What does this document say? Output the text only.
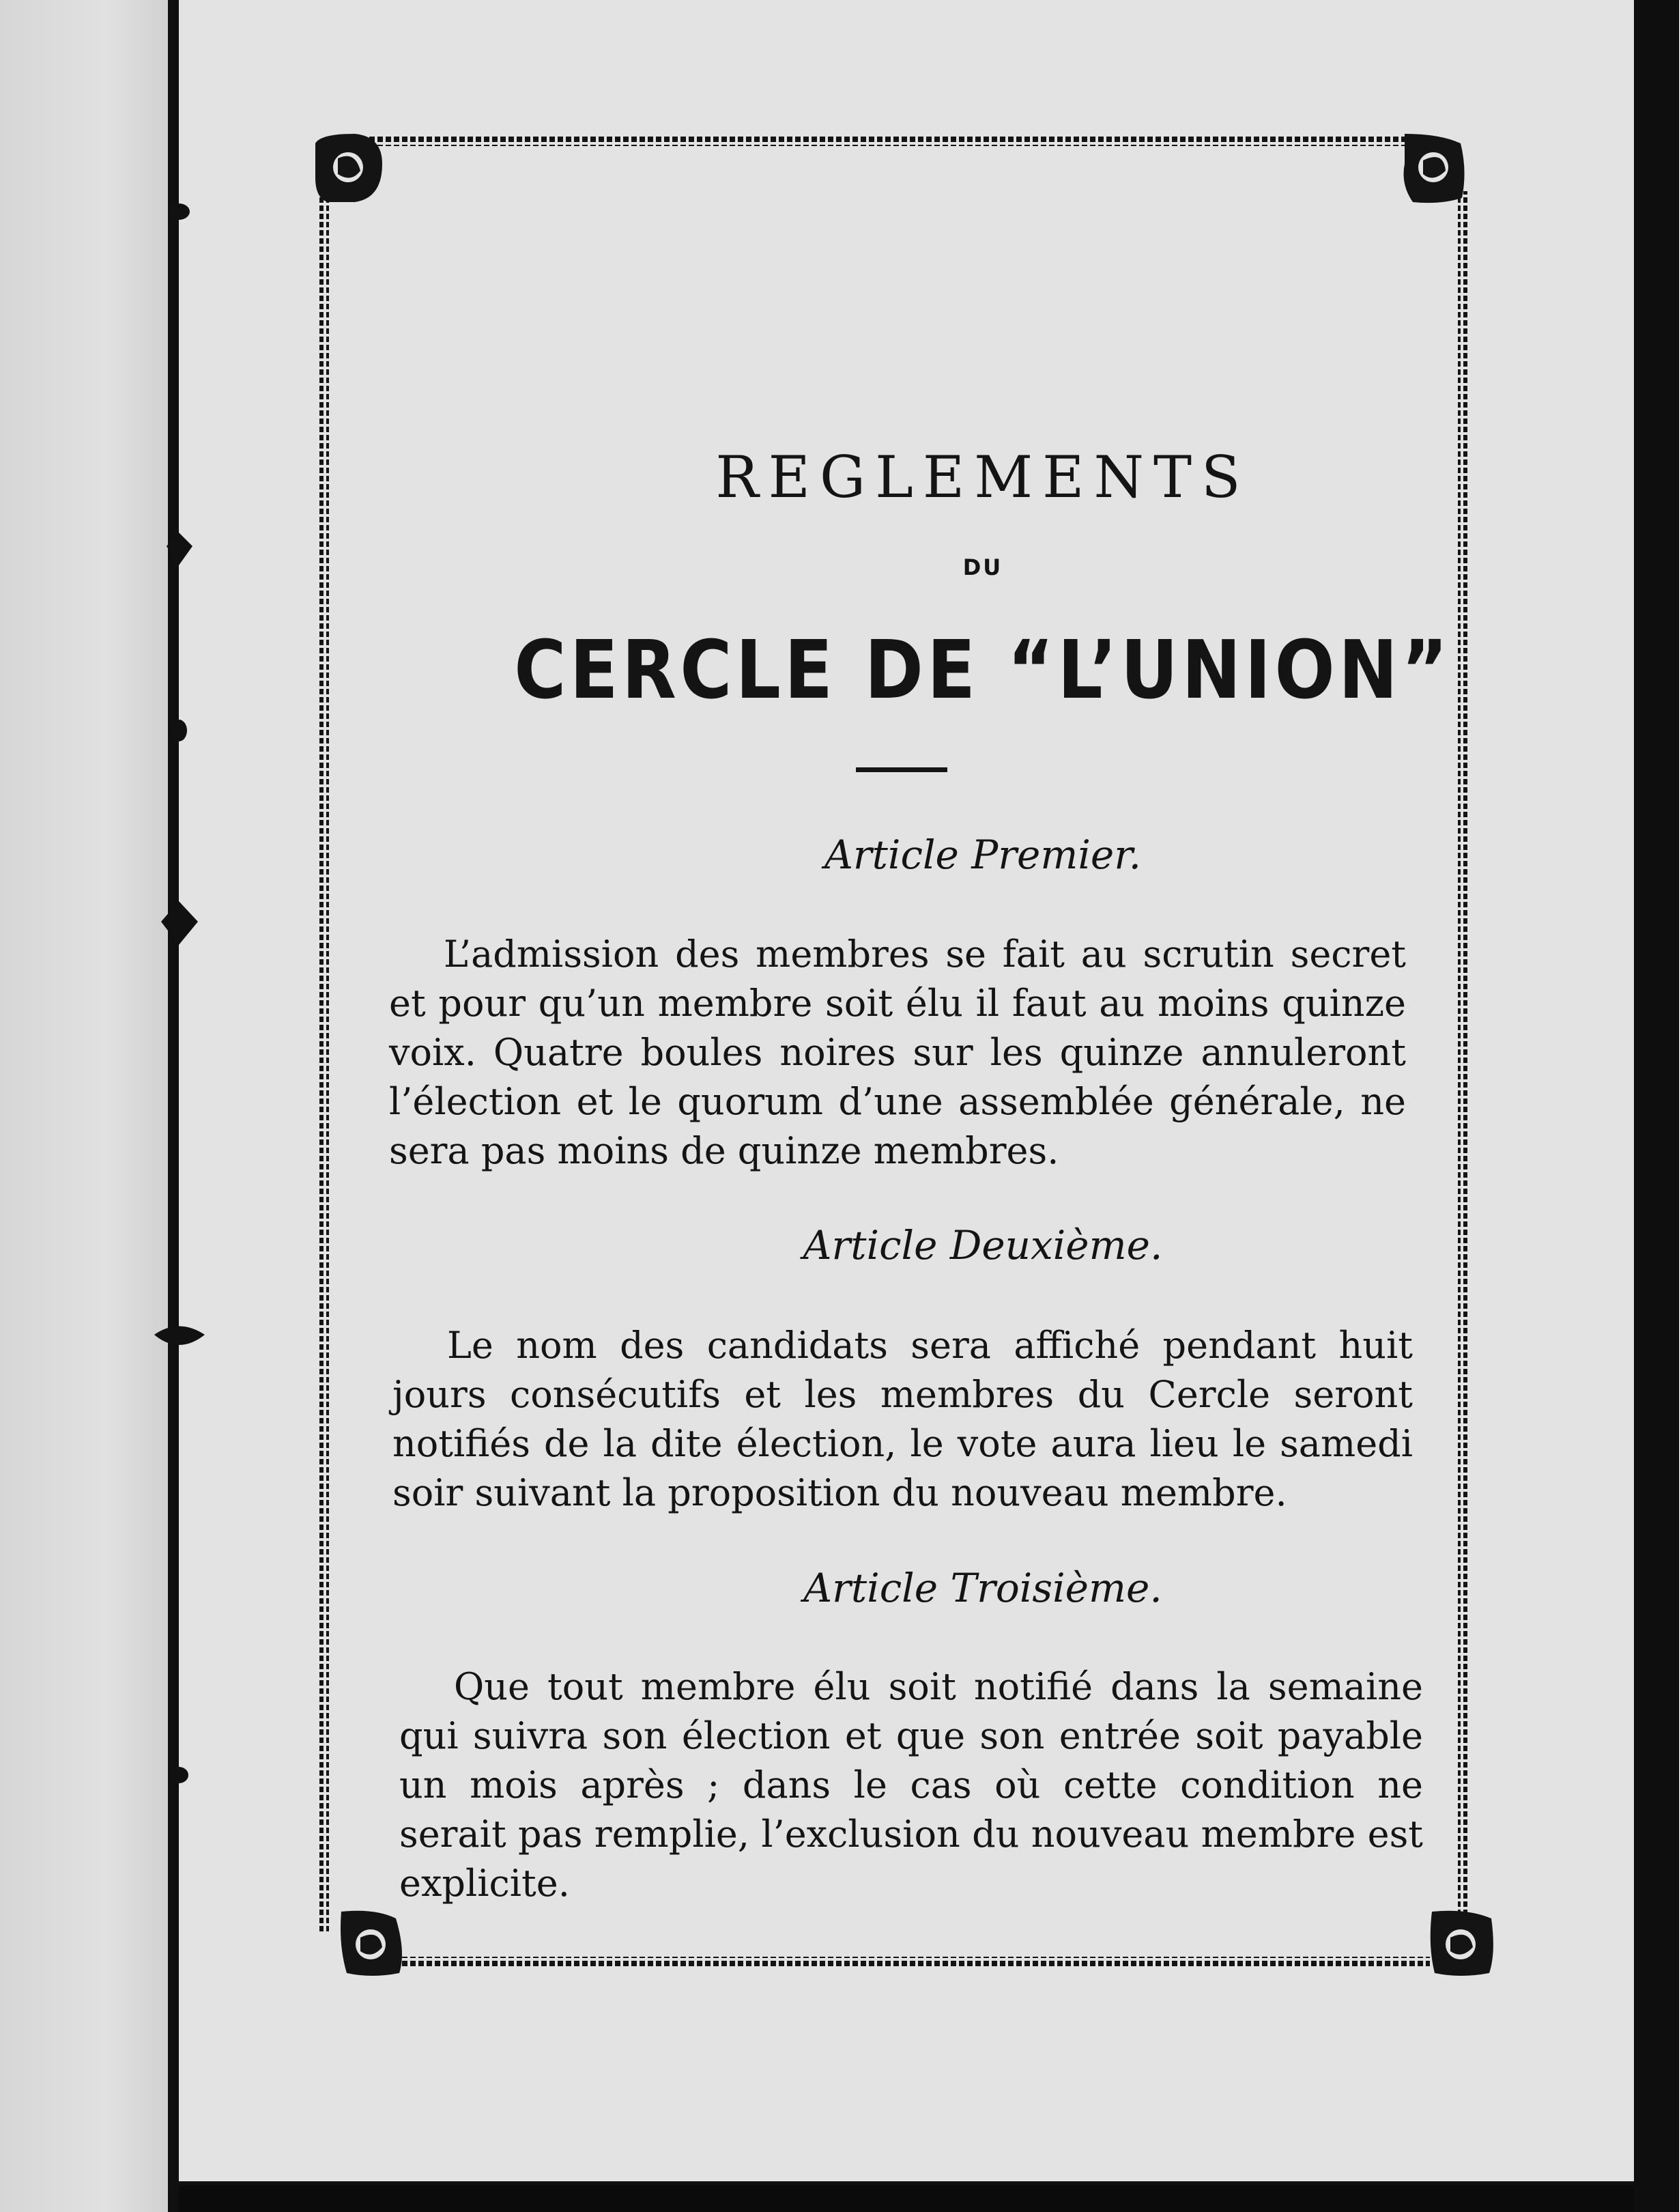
REGLEMENTS
DU
CERCLE DE “L’UNION”
Article Premier.
L’admission des membres se fait au scrutin secret et pour qu’un membre soit élu il faut au moins quinze voix. Quatre boules noires sur les quinze annuleront l’élection et le quorum d’une assemblée générale, ne sera pas moins de quinze membres.
Article Deuxième.
Le nom des candidats sera affiché pendant huit jours consécutifs et les membres du Cercle seront notifiés de la dite élection, le vote aura lieu le samedi soir suivant la proposition du nouveau membre.
Article Troisième.
Que tout membre élu soit notifié dans la semaine qui suivra son élection et que son entrée soit payable un mois après ; dans le cas où cette condition ne serait pas remplie, l’exclusion du nouveau membre est explicite.
